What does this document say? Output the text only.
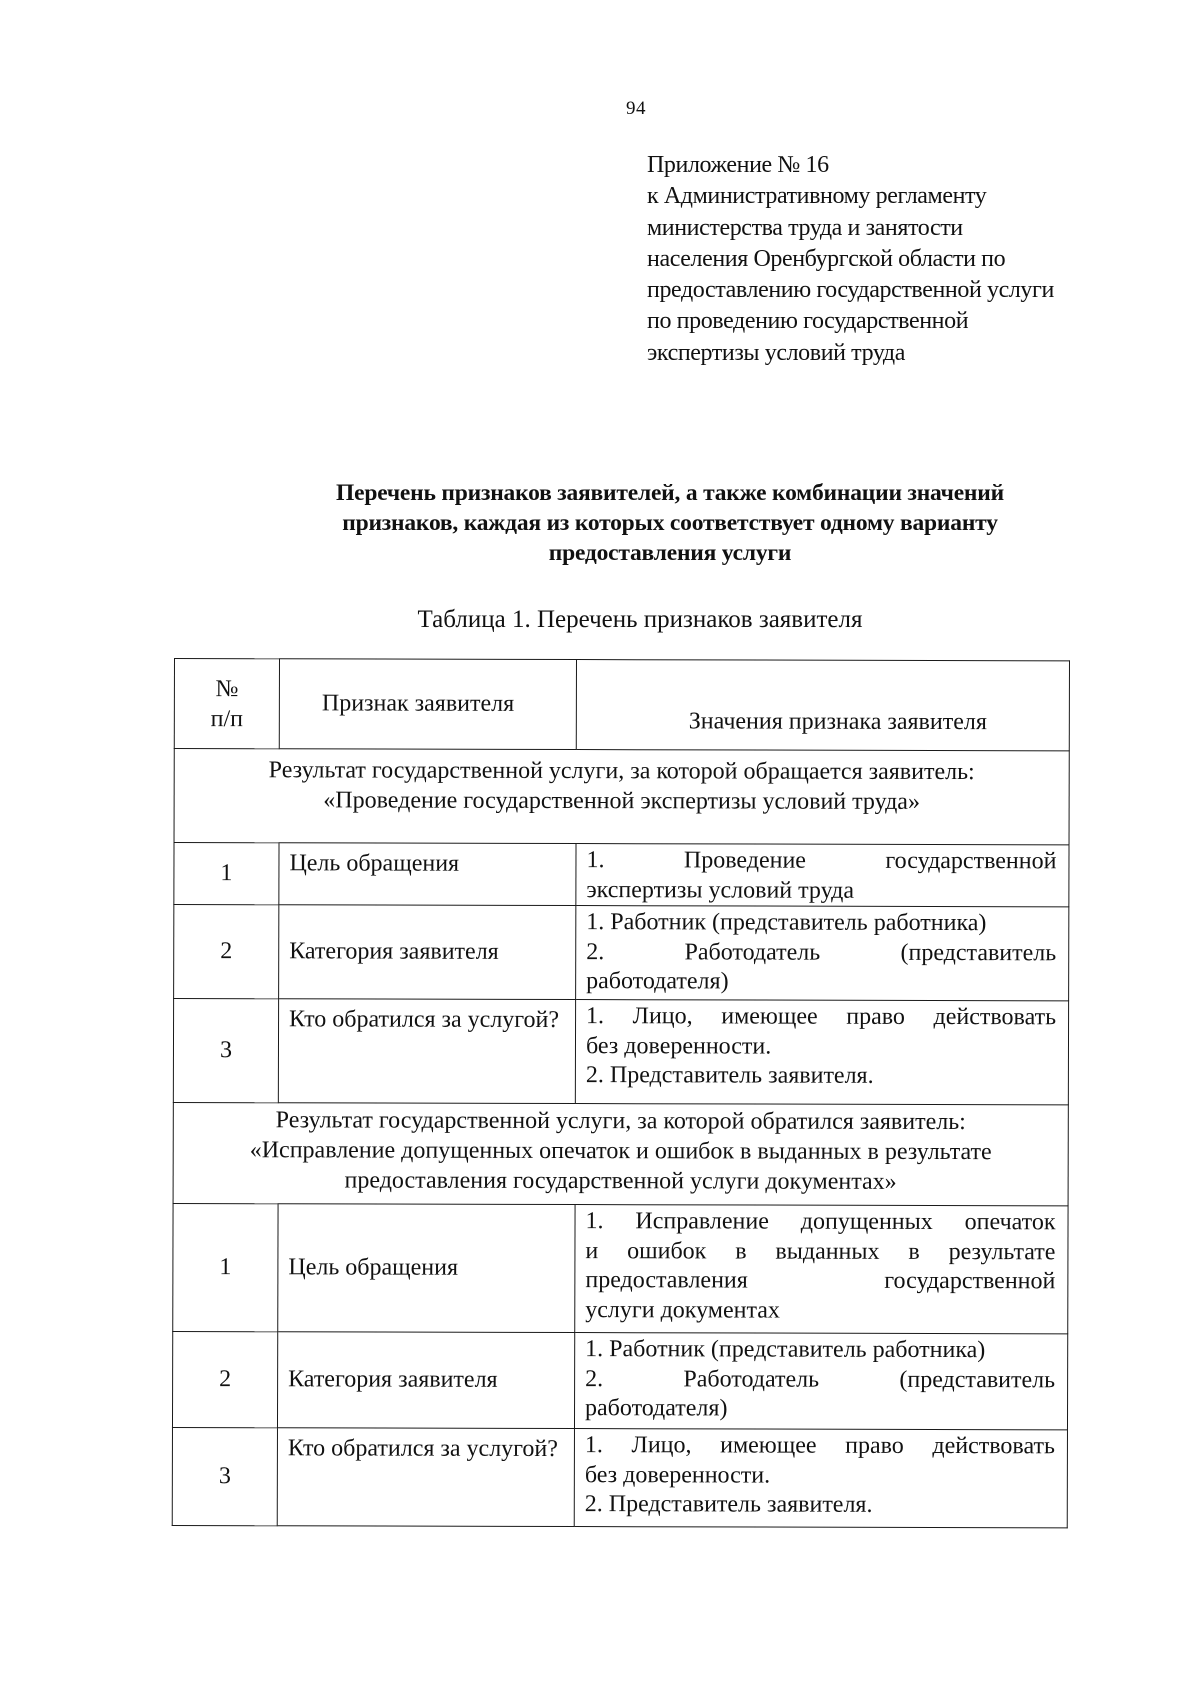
94
Приложение № 16
к Административному регламенту
министерства труда и занятости
населения Оренбургской области по
предоставлению государственной услуги
по проведению государственной
экспертизы условий труда
Перечень признаков заявителей, а также комбинации значений
признаков, каждая из которых соответствует одному варианту
предоставления услуги
Таблица 1. Перечень признаков заявителя
№
п/п	Признак заявителя	Значения признака заявителя

Результат государственной услуги, за которой обращается заявитель:
«Проведение государственной экспертизы условий труда»		

1	Цель обращения	1. Проведение государственной
экспертизы условий труда

2	Категория заявителя	1. Работник (представитель работника)
2. Работодатель (представитель
работодателя)

3	Кто обратился за услугой?	1. Лицо, имеющее право действовать
без доверенности.
2. Представитель заявителя.

Результат государственной услуги, за которой обратился заявитель:
«Исправление допущенных опечаток и ошибок в выданных в результате
предоставления государственной услуги документах»		

1	Цель обращения	1. Исправление допущенных опечаток
и ошибок в выданных в результате
предоставления государственной
услуги документах

2	Категория заявителя	1. Работник (представитель работника)
2. Работодатель (представитель
работодателя)

3	Кто обратился за услугой?	1. Лицо, имеющее право действовать
без доверенности.
2. Представитель заявителя.
